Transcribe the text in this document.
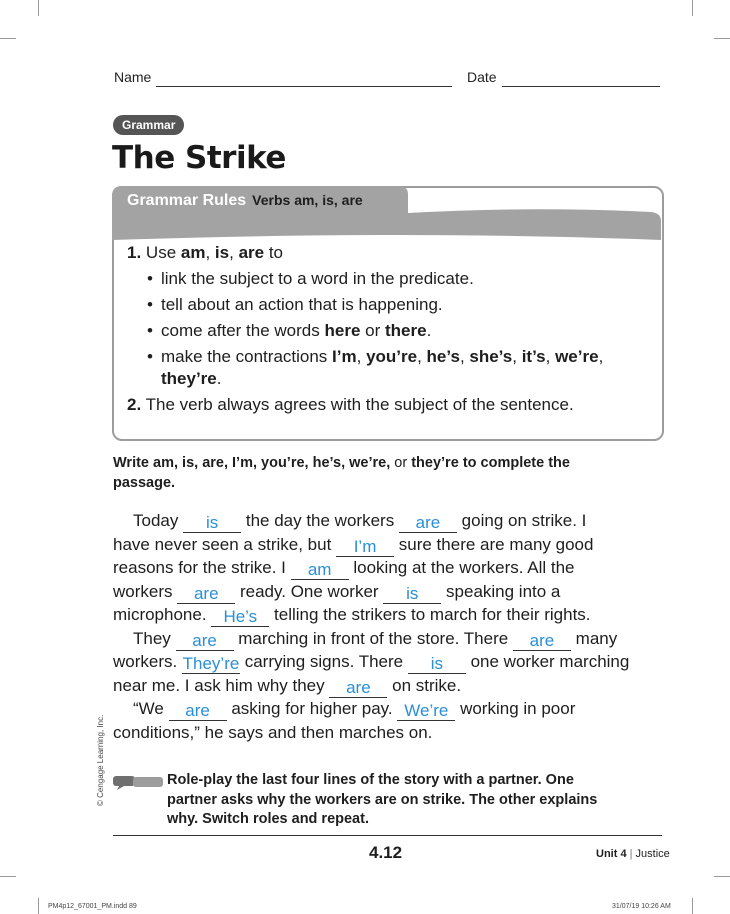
Name	Date
Grammar
The Strike
Grammar Rules Verbs am, is, are
1. Use am, is, are to
• link the subject to a word in the predicate.
• tell about an action that is happening.
• come after the words here or there.
• make the contractions I’m, you’re, he’s, she’s, it’s, we’re,
they’re.
2. The verb always agrees with the subject of the sentence.
Write am, is, are, I’m, you’re, he’s, we’re, or they’re to complete the
passage.
Today is the day the workers are going on strike. I
have never seen a strike, but I’m sure there are many good
reasons for the strike. I am looking at the workers. All the
workers are ready. One worker is speaking into a
microphone. He’s telling the strikers to march for their rights.
They are marching in front of the store. There are many
workers. They’re carrying signs. There is one worker marching
near me. I ask him why they are on strike.
“We are asking for higher pay. We’re working in poor
conditions,” he says and then marches on.
© Cengage Learning, Inc.	Role-play the last four lines of the story with a partner. One
partner asks why the workers are on strike. The other explains
why. Switch roles and repeat.
4.12	Unit 4 | Justice
PM4p12_67001_PM.indd 89	31/07/19 10:26 AM
